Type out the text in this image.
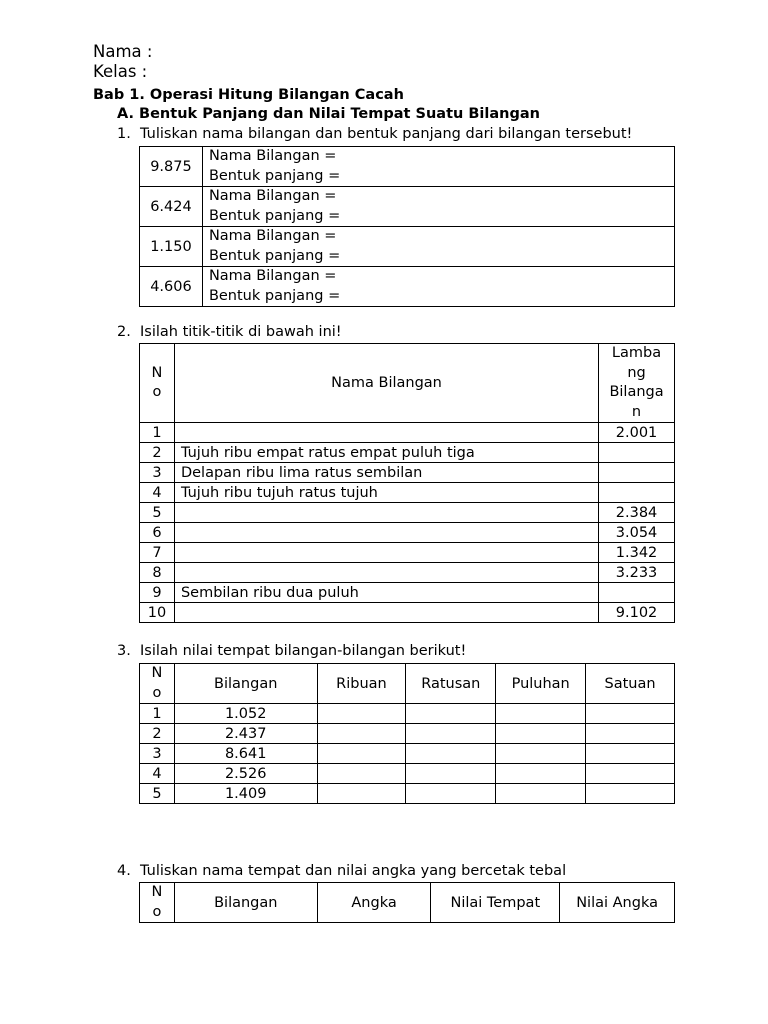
Nama :
Kelas :
Bab 1. Operasi Hitung Bilangan Cacah
A. Bentuk Panjang dan Nilai Tempat Suatu Bilangan
1. Tuliskan nama bilangan dan bentuk panjang dari bilangan tersebut!
9.875	Nama Bilangan =
Bentuk panjang =

6.424	Nama Bilangan =
Bentuk panjang =

1.150	Nama Bilangan =
Bentuk panjang =

4.606	Nama Bilangan =
Bentuk panjang =
2. Isilah titik-titik di bawah ini!
N
o	Nama Bilangan	Lamba
ng
Bilanga
n

1		2.001
2	Tujuh ribu empat ratus empat puluh tiga	
3	Delapan ribu lima ratus sembilan	
4	Tujuh ribu tujuh ratus tujuh	
5		2.384
6		3.054
7		1.342
8		3.233
9	Sembilan ribu dua puluh	
10		9.102
3. Isilah nilai tempat bilangan-bilangan berikut!
N
o	Bilangan	Ribuan	Ratusan	Puluhan	Satuan
1	1.052				
2	2.437				
3	8.641				
4	2.526				
5	1.409				
4. Tuliskan nama tempat dan nilai angka yang bercetak tebal
N
o
	Bilangan	Angka	Nilai Tempat	Nilai Angka
